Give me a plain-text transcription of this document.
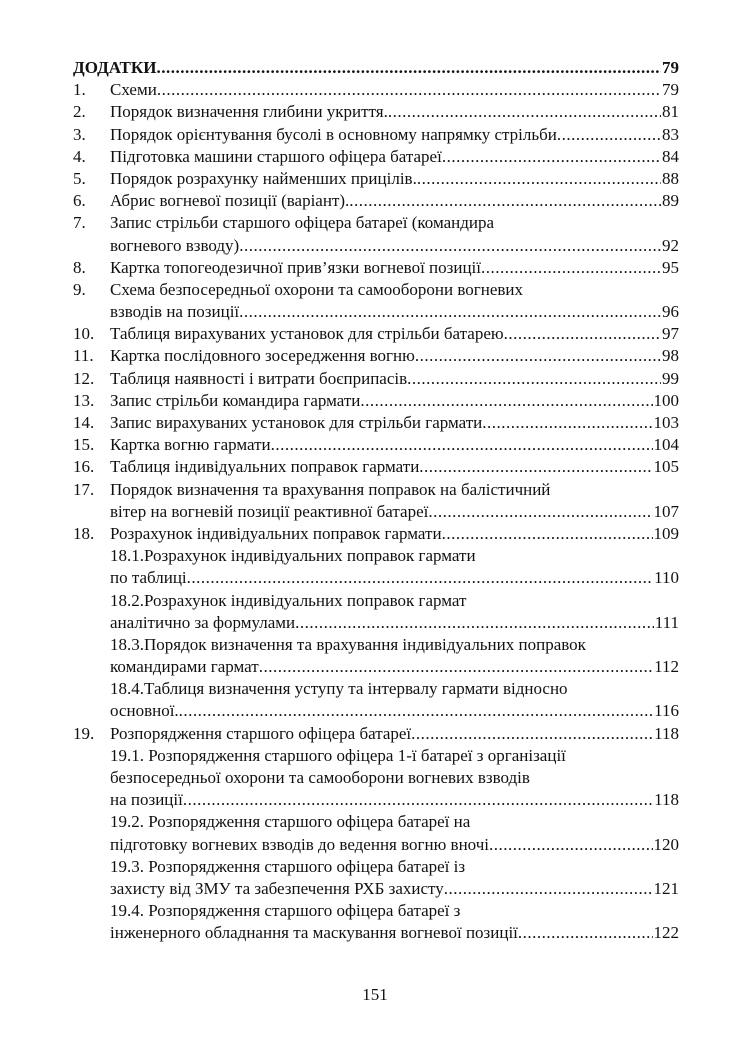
ДОДАТКИ .....	79
1.	Схеми .....	79
2.	Порядок визначення глибини укриття. .....	81
3.	Порядок орієнтування бусолі в основному напрямку стрільби .....	83
4.	Підготовка машини старшого офіцера батареї .....	84
5.	Порядок розрахунку найменших прицілів. .....	88
6.	Абрис вогневої позиції (варіант). .....	89
7.	Запис стрільби старшого офіцера батареї (командира
вогневого взводу) .....	92
8.	Картка топогеодезичної прив’язки вогневої позиції .....	95
9.	Схема безпосередньої охорони та самооборони вогневих
взводів на позиції .....	96
10. Таблиця вирахуваних установок для стрільби батарею .....	97
11. Картка послідовного зосередження вогню .....	98
12. Таблиця наявності і витрати боєприпасів .....	99
13. Запис стрільби командира гармати .....	100
14. Запис вирахуваних установок для стрільби гармати .....	103
15. Картка вогню гармати .....	104
16. Таблиця індивідуальних поправок гармати .....	105
17. Порядок визначення та врахування поправок на балістичний
вітер на вогневій позиції реактивної батареї .....	107
18. Розрахунок індивідуальних поправок гармати .....	109
18.1.Розрахунок індивідуальних поправок гармати
по таблиці .....	110
18.2.Розрахунок індивідуальних поправок гармат
аналітично за формулами .....	111
18.3.Порядок визначення та врахування індивідуальних поправок
командирами гармат .....	112
18.4.Таблиця визначення уступу та інтервалу гармати відносно
основної. .....	116
19. Розпорядження старшого офіцера батареї .....	118
19.1. Розпорядження старшого офіцера 1-ї батареї з організації
безпосередньої охорони та самооборони вогневих взводів
на позиції .....	118
19.2. Розпорядження старшого офіцера батареї на
підготовку вогневих взводів до ведення вогню вночі .....	120
19.3. Розпорядження старшого офіцера батареї із
захисту від ЗМУ та забезпечення РХБ захисту .....	121
19.4. Розпорядження старшого офіцера батареї з
інженерного обладнання та маскування вогневої позиції .....	122
151
